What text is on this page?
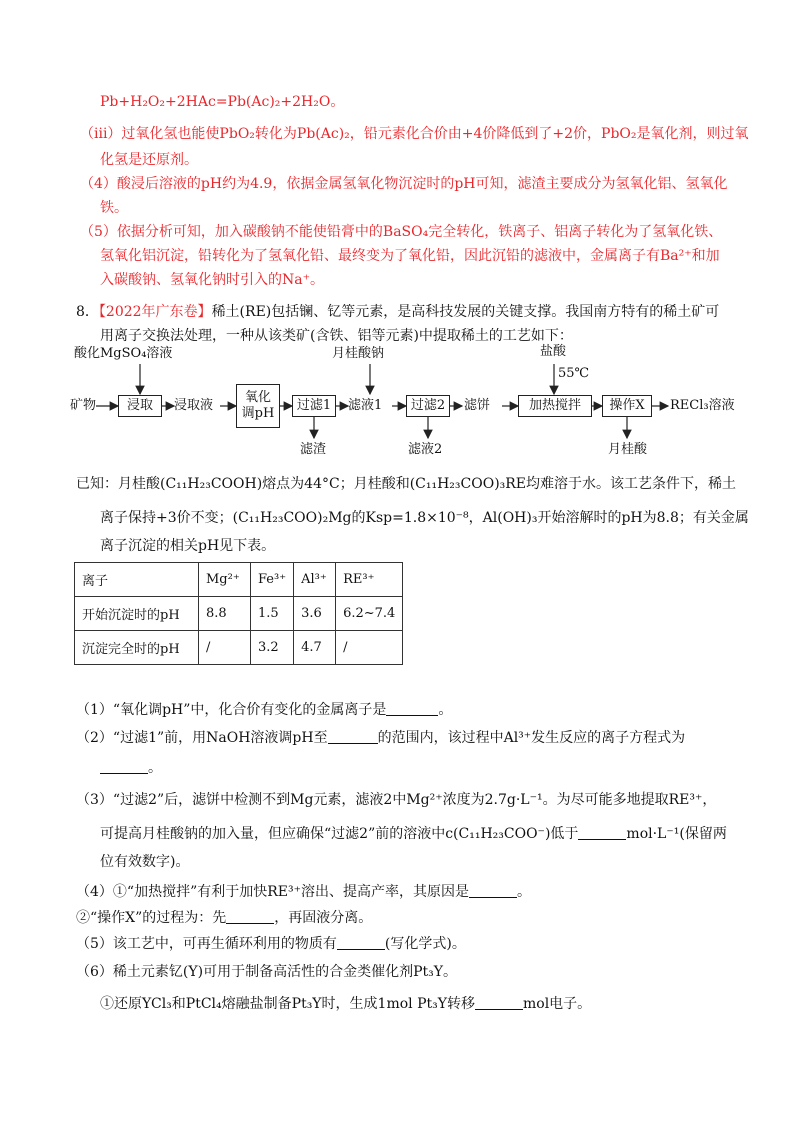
Pb+H₂O₂+2HAc=Pb(Ac)₂+2H₂O。
（iii）过氧化氢也能使PbO₂转化为Pb(Ac)₂，铅元素化合价由+4价降低到了+2价，PbO₂是氧化剂，则过氧
化氢是还原剂。
（4）酸浸后溶液的pH约为4.9，依据金属氢氧化物沉淀时的pH可知，滤渣主要成分为氢氧化铝、氢氧化
铁。
（5）依据分析可知，加入碳酸钠不能使铅膏中的BaSO₄完全转化，铁离子、铝离子转化为了氢氧化铁、
氢氧化铝沉淀，铅转化为了氢氧化铅、最终变为了氧化铅，因此沉铅的滤液中，金属离子有Ba²⁺和加
入碳酸钠、氢氧化钠时引入的Na⁺。
8．【2022年广东卷】稀土(RE)包括镧、钇等元素，是高科技发展的关键支撑。我国南方特有的稀土矿可
用离子交换法处理，一种从该类矿(含铁、铝等元素)中提取稀土的工艺如下：
酸化MgSO₄溶液	月桂酸钠	盐酸
55℃
矿物	浸取	浸取液
氧化
调pH
过滤1	滤液1	过滤2	滤饼	加热搅拌	操作X	RECl₃溶液
滤渣	滤液2	月桂酸
已知：月桂酸(C₁₁H₂₃COOH)熔点为44°C；月桂酸和(C₁₁H₂₃COO)₃RE均难溶于水。该工艺条件下，稀土
离子保持+3价不变；(C₁₁H₂₃COO)₂Mg的Ksp=1.8×10⁻⁸，Al(OH)₃开始溶解时的pH为8.8；有关金属
离子沉淀的相关pH见下表。
离子	Mg²⁺	Fe³⁺	Al³⁺	RE³⁺
开始沉淀时的pH	8.8	1.5	3.6	6.2~7.4
沉淀完全时的pH	/	3.2	4.7	/
（1）“氧化调pH”中，化合价有变化的金属离子是	。
（2）“过滤1”前，用NaOH溶液调pH至	的范围内，该过程中Al³⁺发生反应的离子方程式为
。
（3）“过滤2”后，滤饼中检测不到Mg元素，滤液2中Mg²⁺浓度为2.7g·L⁻¹。为尽可能多地提取RE³⁺，
可提高月桂酸钠的加入量，但应确保“过滤2”前的溶液中c(C₁₁H₂₃COO⁻)低于	mol·L⁻¹(保留两
位有效数字)。
（4）①“加热搅拌”有利于加快RE³⁺溶出、提高产率，其原因是	。
②“操作X”的过程为：先	，再固液分离。
（5）该工艺中，可再生循环利用的物质有	(写化学式)。
（6）稀土元素钇(Y)可用于制备高活性的合金类催化剂Pt₃Y。
①还原YCl₃和PtCl₄熔融盐制备Pt₃Y时，生成1mol Pt₃Y转移	mol电子。
